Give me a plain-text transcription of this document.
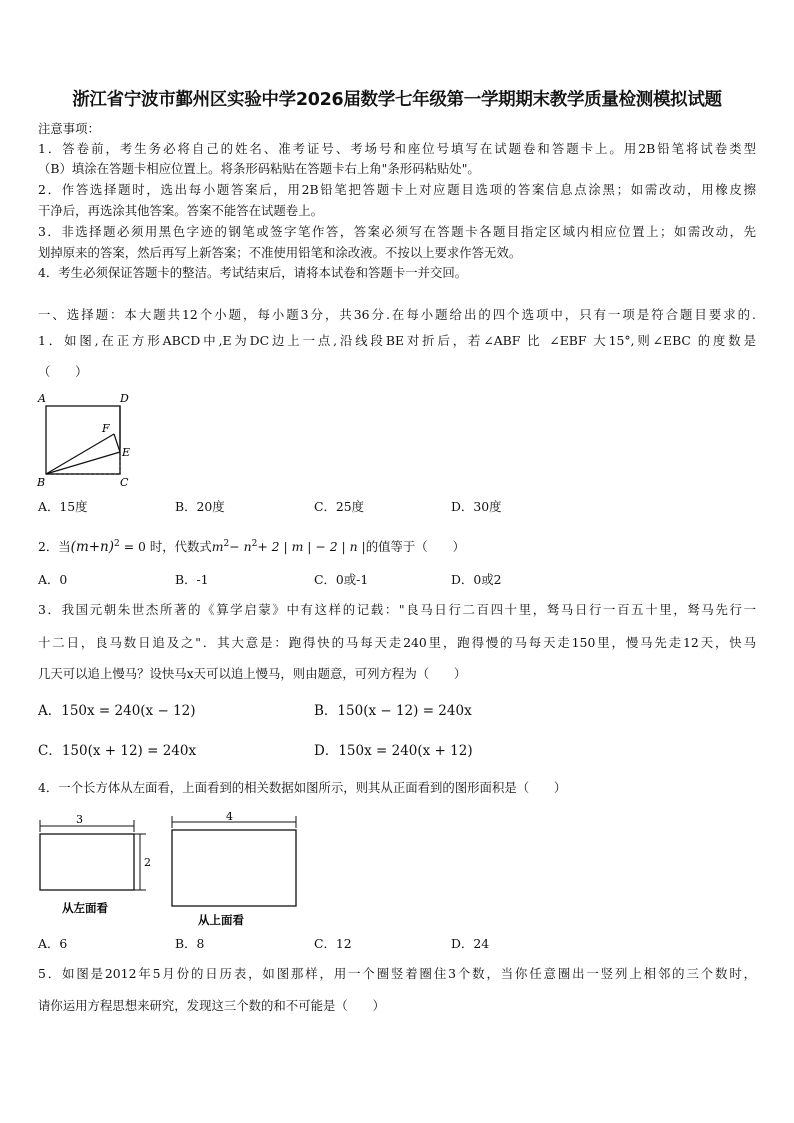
浙江省宁波市鄞州区实验中学2026届数学七年级第一学期期末教学质量检测模拟试题
注意事项：
1．答卷前，考生务必将自己的姓名、准考证号、考场号和座位号填写在试题卷和答题卡上。用2B铅笔将试卷类型
（B）填涂在答题卡相应位置上。将条形码粘贴在答题卡右上角"条形码粘贴处"。
2．作答选择题时，选出每小题答案后，用2B铅笔把答题卡上对应题目选项的答案信息点涂黑；如需改动，用橡皮擦
干净后，再选涂其他答案。答案不能答在试题卷上。
3．非选择题必须用黑色字迹的钢笔或签字笔作答，答案必须写在答题卡各题目指定区域内相应位置上；如需改动，先
划掉原来的答案，然后再写上新答案；不准使用铅笔和涂改液。不按以上要求作答无效。
4．考生必须保证答题卡的整洁。考试结束后，请将本试卷和答题卡一并交回。
一、选择题：本大题共12个小题，每小题3分，共36分.在每小题给出的四个选项中，只有一项是符合题目要求的.
1．如图,在正方形ABCD中,E为DC边上一点,沿线段BE对折后，若∠ABF 比 ∠EBF 大15°,则∠EBC 的度数是
（　　）
A	D
F
E
B	C
A．15度	B．20度	C．25度	D．30度
2．当$(m+n)^2 = 0$ 时，代数式$m^2- n^2+ 2$ | m | − 2 | n |的值等于（　　）
A．0	B．-1	C．0或-1	D．0或2
3．我国元朝朱世杰所著的《算学启蒙》中有这样的记载："良马日行二百四十里，驽马日行一百五十里，驽马先行一
十二日，良马数日追及之"．其大意是：跑得快的马每天走240里，跑得慢的马每天走150里，慢马先走12天，快马
几天可以追上慢马？设快马x天可以追上慢马，则由题意，可列方程为（　　）
A．150x = 240(x − 12)	B．150(x − 12) = 240x
C．150(x + 12) = 240x	D．150x = 240(x + 12)
4．一个长方体从左面看，上面看到的相关数据如图所示，则其从正面看到的图形面积是（　　）
3
2
从左面看
4
从上面看
A．6	B．8	C．12	D．24
5．如图是2012年5月份的日历表，如图那样，用一个圈竖着圈住3个数，当你任意圈出一竖列上相邻的三个数时，
请你运用方程思想来研究，发现这三个数的和不可能是（　　）
